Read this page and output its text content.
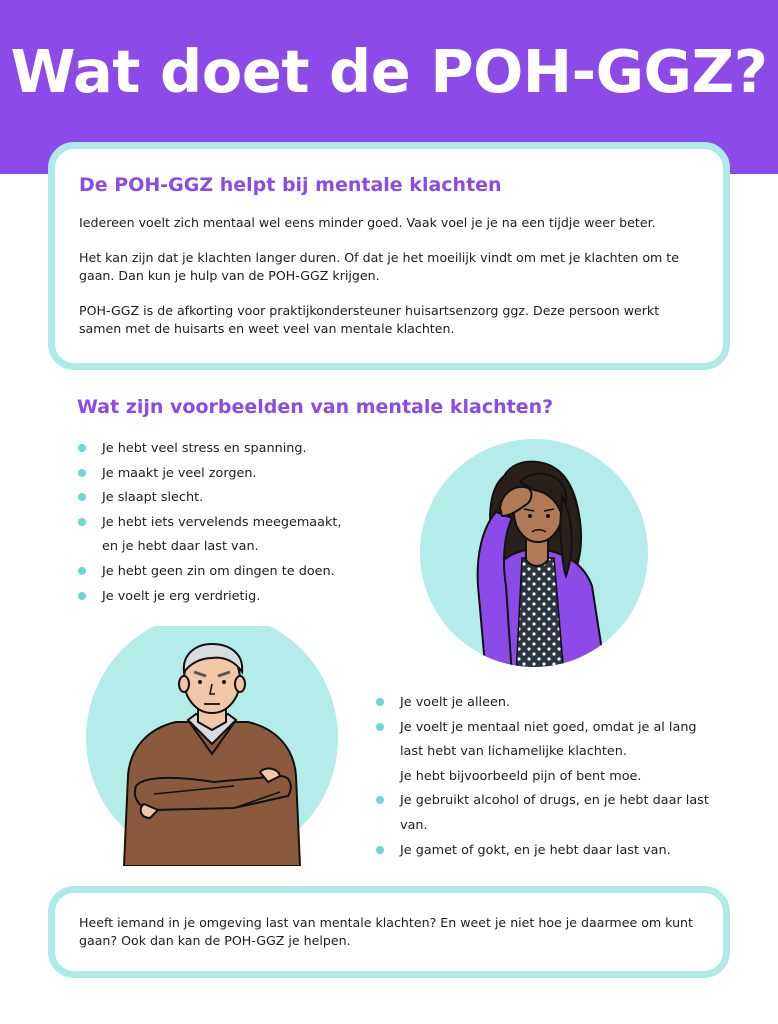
Wat doet de POH-GGZ?
De POH-GGZ helpt bij mentale klachten

Iedereen voelt zich mentaal wel eens minder goed. Vaak voel je je na een tijdje weer beter.

Het kan zijn dat je klachten langer duren. Of dat je het moeilijk vindt om met je klachten om te gaan. Dan kun je hulp van de POH-GGZ krijgen.

POH-GGZ is de afkorting voor praktijkondersteuner huisartsenzorg ggz. Deze persoon werkt samen met de huisarts en weet veel van mentale klachten.

Wat zijn voorbeelden van mentale klachten?
Je hebt veel stress en spanning.
Je maakt je veel zorgen.
Je slaapt slecht.
Je hebt iets vervelends meegemaakt,
en je hebt daar last van.
Je hebt geen zin om dingen te doen.
Je voelt je erg verdrietig.
Je voelt je alleen.
Je voelt je mentaal niet goed, omdat je al lang
last hebt van lichamelijke klachten.
Je hebt bijvoorbeeld pijn of bent moe.
Je gebruikt alcohol of drugs, en je hebt daar last
van.
Je gamet of gokt, en je hebt daar last van.

Heeft iemand in je omgeving last van mentale klachten? En weet je niet hoe je daarmee om kunt gaan? Ook dan kan de POH-GGZ je helpen.
